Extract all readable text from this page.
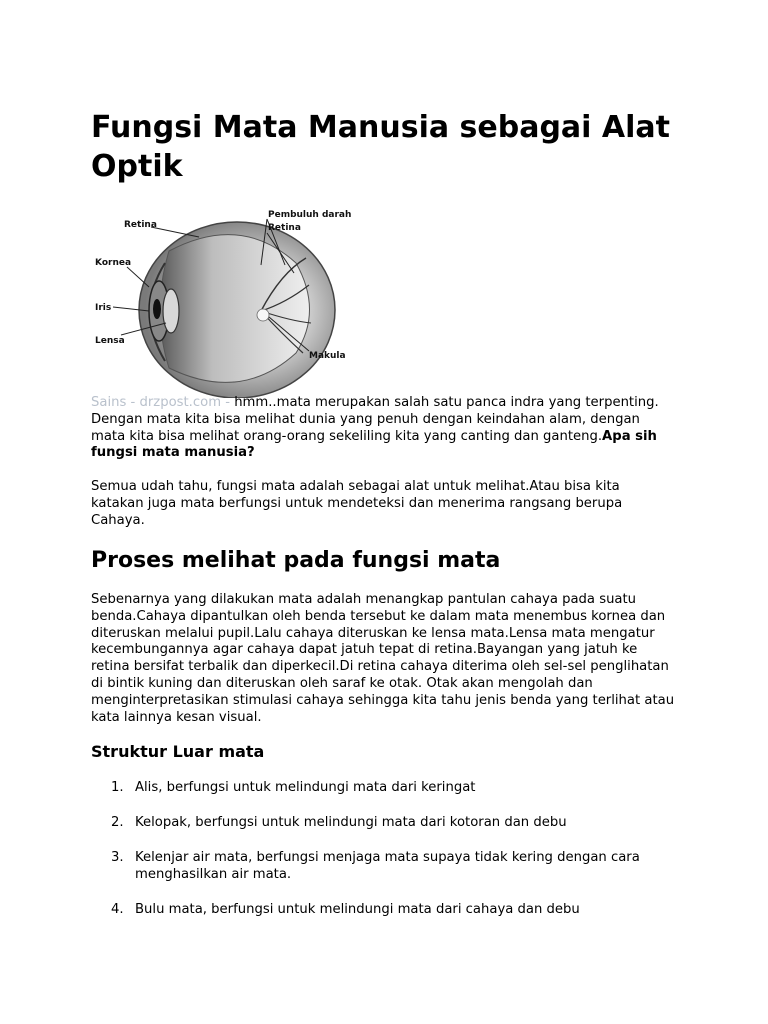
Fungsi Mata Manusia sebagai Alat Optik
Retina
Pembuluh darah
Retina
Kornea
Iris
Lensa
Makula

Sains - drzpost.com - hmm..mata merupakan salah satu panca indra yang terpenting. Dengan mata kita bisa melihat dunia yang penuh dengan keindahan alam, dengan mata kita bisa melihat orang-orang sekeliling kita yang canting dan ganteng.Apa sih fungsi mata manusia?

Semua udah tahu, fungsi mata adalah sebagai alat untuk melihat.Atau bisa kita katakan juga mata berfungsi untuk mendeteksi dan menerima rangsang berupa Cahaya.

Proses melihat pada fungsi mata

Sebenarnya yang dilakukan mata adalah menangkap pantulan cahaya pada suatu benda.Cahaya dipantulkan oleh benda tersebut ke dalam mata menembus kornea dan diteruskan melalui pupil.Lalu cahaya diteruskan ke lensa mata.Lensa mata mengatur kecembungannya agar cahaya dapat jatuh tepat di retina.Bayangan yang jatuh ke retina bersifat terbalik dan diperkecil.Di retina cahaya diterima oleh sel-sel penglihatan di bintik kuning dan diteruskan oleh saraf ke otak. Otak akan mengolah dan menginterpretasikan stimulasi cahaya sehingga kita tahu jenis benda yang terlihat atau kata lainnya kesan visual.

Struktur Luar mata
1. Alis, berfungsi untuk melindungi mata dari keringat
2. Kelopak, berfungsi untuk melindungi mata dari kotoran dan debu
3. Kelenjar air mata, berfungsi menjaga mata supaya tidak kering dengan cara menghasilkan air mata.
4. Bulu mata, berfungsi untuk melindungi mata dari cahaya dan debu
